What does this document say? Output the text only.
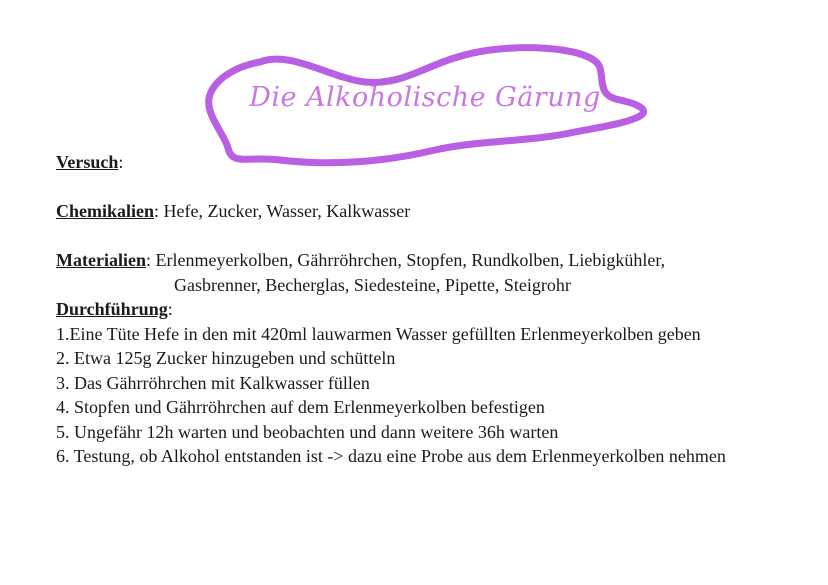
Die Alkoholische Gärung
Versuch:
Chemikalien: Hefe, Zucker, Wasser, Kalkwasser
Materialien: Erlenmeyerkolben, Gährröhrchen, Stopfen, Rundkolben, Liebigkühler,
Gasbrenner, Becherglas, Siedesteine, Pipette, Steigrohr
Durchführung:
1.Eine Tüte Hefe in den mit 420ml lauwarmen Wasser gefüllten Erlenmeyerkolben geben
2. Etwa 125g Zucker hinzugeben und schütteln
3. Das Gährröhrchen mit Kalkwasser füllen
4. Stopfen und Gährröhrchen auf dem Erlenmeyerkolben befestigen
5. Ungefähr 12h warten und beobachten und dann weitere 36h warten
6. Testung, ob Alkohol entstanden ist -> dazu eine Probe aus dem Erlenmeyerkolben nehmen
